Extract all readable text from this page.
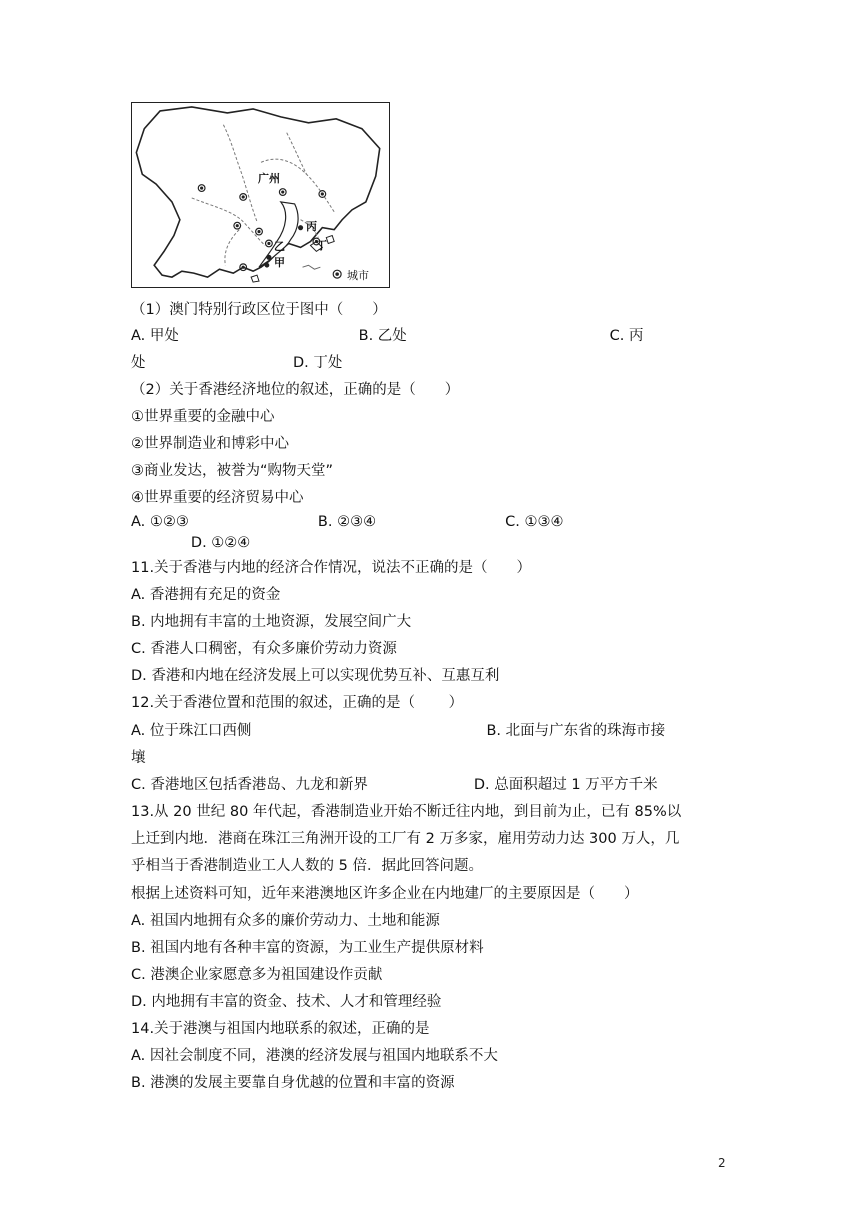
广州
丙
乙	丁
甲
城市
（1）澳门特别行政区位于图中（　　）
A. 甲处                                       B. 乙处                                            C. 丙
处                                D. 丁处
（2）关于香港经济地位的叙述，正确的是（　　）
①世界重要的金融中心
②世界制造业和博彩中心
③商业发达，被誉为“购物天堂”
④世界重要的经济贸易中心
A. ①②③                            B. ②③④                            C. ①③④
D. ①②④
11.关于香港与内地的经济合作情况，说法不正确的是（　　）
A. 香港拥有充足的资金
B. 内地拥有丰富的土地资源，发展空间广大
C. 香港人口稠密，有众多廉价劳动力资源
D. 香港和内地在经济发展上可以实现优势互补、互惠互利
12.关于香港位置和范围的叙述，正确的是（　　 ）
A. 位于珠江口西侧                                                   B. 北面与广东省的珠海市接
壤
C. 香港地区包括香港岛、九龙和新界                       D. 总面积超过 1 万平方千米
13.从 20 世纪 80 年代起，香港制造业开始不断迁往内地，到目前为止，已有 85%以
上迁到内地．港商在珠江三角洲开设的工厂有 2 万多家，雇用劳动力达 300 万人，几
乎相当于香港制造业工人人数的 5 倍．据此回答问题。
根据上述资料可知，近年来港澳地区许多企业在内地建厂的主要原因是（　　）
A. 祖国内地拥有众多的廉价劳动力、土地和能源
B. 祖国内地有各种丰富的资源，为工业生产提供原材料
C. 港澳企业家愿意多为祖国建设作贡献
D. 内地拥有丰富的资金、技术、人才和管理经验
14.关于港澳与祖国内地联系的叙述，正确的是
A. 因社会制度不同，港澳的经济发展与祖国内地联系不大
B. 港澳的发展主要靠自身优越的位置和丰富的资源
2
